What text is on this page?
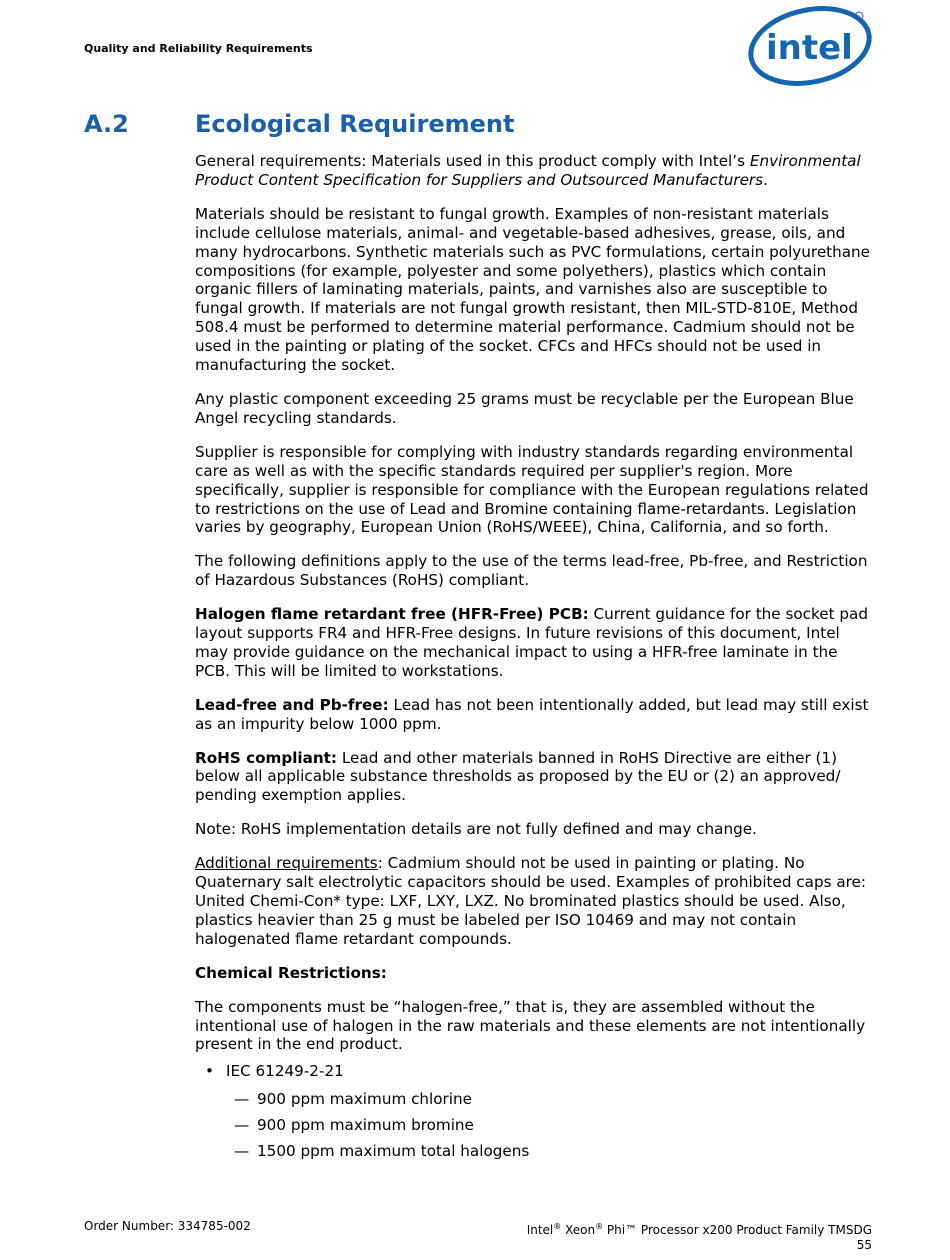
Quality and Reliability Requirements	intel
A.2	Ecological Requirement

General requirements: Materials used in this product comply with Intel’s Environmental Product Content Specification for Suppliers and Outsourced Manufacturers.

Materials should be resistant to fungal growth. Examples of non-resistant materials include cellulose materials, animal- and vegetable-based adhesives, grease, oils, and many hydrocarbons. Synthetic materials such as PVC formulations, certain polyurethane compositions (for example, polyester and some polyethers), plastics which contain organic fillers of laminating materials, paints, and varnishes also are susceptible to fungal growth. If materials are not fungal growth resistant, then MIL-STD-810E, Method 508.4 must be performed to determine material performance. Cadmium should not be used in the painting or plating of the socket. CFCs and HFCs should not be used in manufacturing the socket.

Any plastic component exceeding 25 grams must be recyclable per the European Blue Angel recycling standards.

Supplier is responsible for complying with industry standards regarding environmental care as well as with the specific standards required per supplier's region. More specifically, supplier is responsible for compliance with the European regulations related to restrictions on the use of Lead and Bromine containing flame-retardants. Legislation varies by geography, European Union (RoHS/WEEE), China, California, and so forth.

The following definitions apply to the use of the terms lead-free, Pb-free, and Restriction of Hazardous Substances (RoHS) compliant.

Halogen flame retardant free (HFR-Free) PCB: Current guidance for the socket pad layout supports FR4 and HFR-Free designs. In future revisions of this document, Intel may provide guidance on the mechanical impact to using a HFR-free laminate in the PCB. This will be limited to workstations.

Lead-free and Pb-free: Lead has not been intentionally added, but lead may still exist as an impurity below 1000 ppm.

RoHS compliant: Lead and other materials banned in RoHS Directive are either (1) below all applicable substance thresholds as proposed by the EU or (2) an approved/ pending exemption applies.

Note: RoHS implementation details are not fully defined and may change.

Additional requirements: Cadmium should not be used in painting or plating. No Quaternary salt electrolytic capacitors should be used. Examples of prohibited caps are: United Chemi-Con* type: LXF, LXY, LXZ. No brominated plastics should be used. Also, plastics heavier than 25 g must be labeled per ISO 10469 and may not contain halogenated flame retardant compounds.

Chemical Restrictions:

The components must be “halogen-free,” that is, they are assembled without the intentional use of halogen in the raw materials and these elements are not intentionally present in the end product.

• IEC 61249-2-21
— 900 ppm maximum chlorine
— 900 ppm maximum bromine
— 1500 ppm maximum total halogens
Order Number: 334785-002	Intel® Xeon® Phi™ Processor x200 Product Family TMSDG
55
